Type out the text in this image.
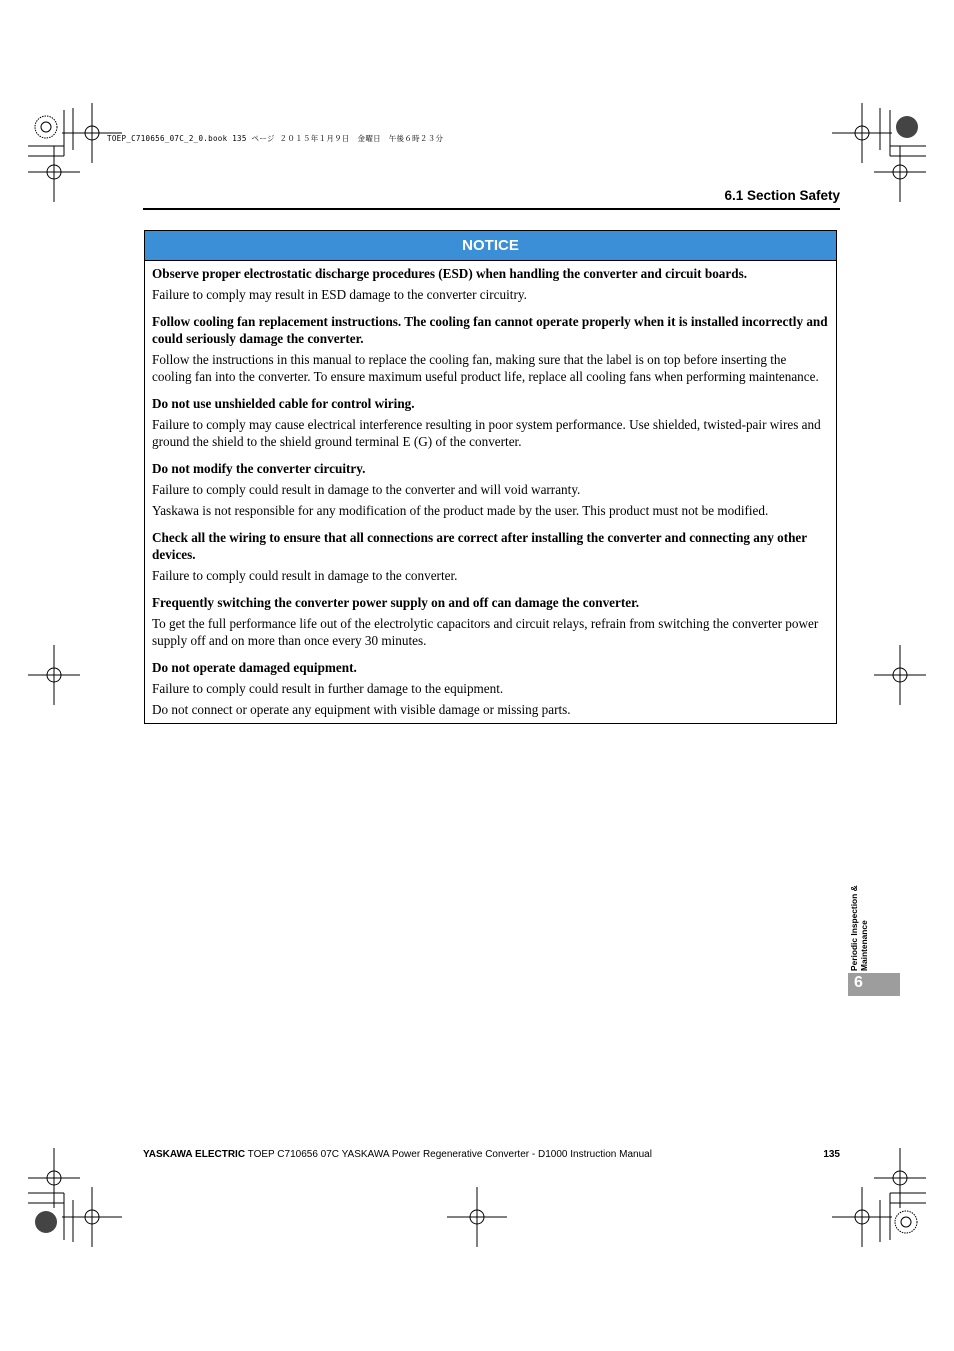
TOEP_C710656_07C_2_0.book 135 ページ ２０１５年１月９日　金曜日　午後６時２３分
6.1 Section Safety
NOTICE
Observe proper electrostatic discharge procedures (ESD) when handling the converter and circuit boards.
Failure to comply may result in ESD damage to the converter circuitry.
Follow cooling fan replacement instructions. The cooling fan cannot operate properly when it is installed incorrectly and could seriously damage the converter.
Follow the instructions in this manual to replace the cooling fan, making sure that the label is on top before inserting the cooling fan into the converter. To ensure maximum useful product life, replace all cooling fans when performing maintenance.
Do not use unshielded cable for control wiring.
Failure to comply may cause electrical interference resulting in poor system performance. Use shielded, twisted-pair wires and ground the shield to the shield ground terminal E (G) of the converter.
Do not modify the converter circuitry.
Failure to comply could result in damage to the converter and will void warranty.
Yaskawa is not responsible for any modification of the product made by the user. This product must not be modified.
Check all the wiring to ensure that all connections are correct after installing the converter and connecting any other devices.
Failure to comply could result in damage to the converter.
Frequently switching the converter power supply on and off can damage the converter.
To get the full performance life out of the electrolytic capacitors and circuit relays, refrain from switching the converter power supply off and on more than once every 30 minutes.
Do not operate damaged equipment.
Failure to comply could result in further damage to the equipment.
Do not connect or operate any equipment with visible damage or missing parts.
Periodic Inspection & Maintenance
6
YASKAWA ELECTRIC TOEP C710656 07C YASKAWA Power Regenerative Converter - D1000 Instruction Manual	135
